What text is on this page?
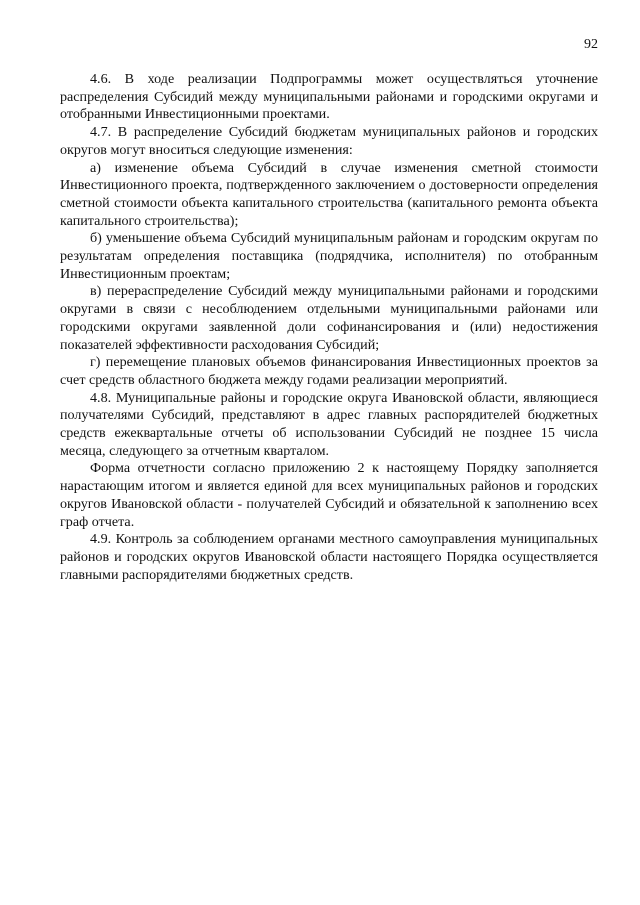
92

4.6. В ходе реализации Подпрограммы может осуществляться уточнение распределения Субсидий между муниципальными районами и городскими округами и отобранными Инвестиционными проектами.

4.7. В распределение Субсидий бюджетам муниципальных районов и городских округов могут вноситься следующие изменения:

а) изменение объема Субсидий в случае изменения сметной стоимости Инвестиционного проекта, подтвержденного заключением о достоверности определения сметной стоимости объекта капитального строительства (капитального ремонта объекта капитального строительства);

б) уменьшение объема Субсидий муниципальным районам и городским округам по результатам определения поставщика (подрядчика, исполнителя) по отобранным Инвестиционным проектам;

в) перераспределение Субсидий между муниципальными районами и городскими округами в связи с несоблюдением отдельными муниципальными районами или городскими округами заявленной доли софинансирования и (или) недостижения показателей эффективности расходования Субсидий;

г) перемещение плановых объемов финансирования Инвестиционных проектов за счет средств областного бюджета между годами реализации мероприятий.

4.8. Муниципальные районы и городские округа Ивановской области, являющиеся получателями Субсидий, представляют в адрес главных распорядителей бюджетных средств ежеквартальные отчеты об использовании Субсидий не позднее 15 числа месяца, следующего за отчетным кварталом.

Форма отчетности согласно приложению 2 к настоящему Порядку заполняется нарастающим итогом и является единой для всех муниципальных районов и городских округов Ивановской области - получателей Субсидий и обязательной к заполнению всех граф отчета.

4.9. Контроль за соблюдением органами местного самоуправления муниципальных районов и городских округов Ивановской области настоящего Порядка осуществляется главными распорядителями бюджетных средств.
